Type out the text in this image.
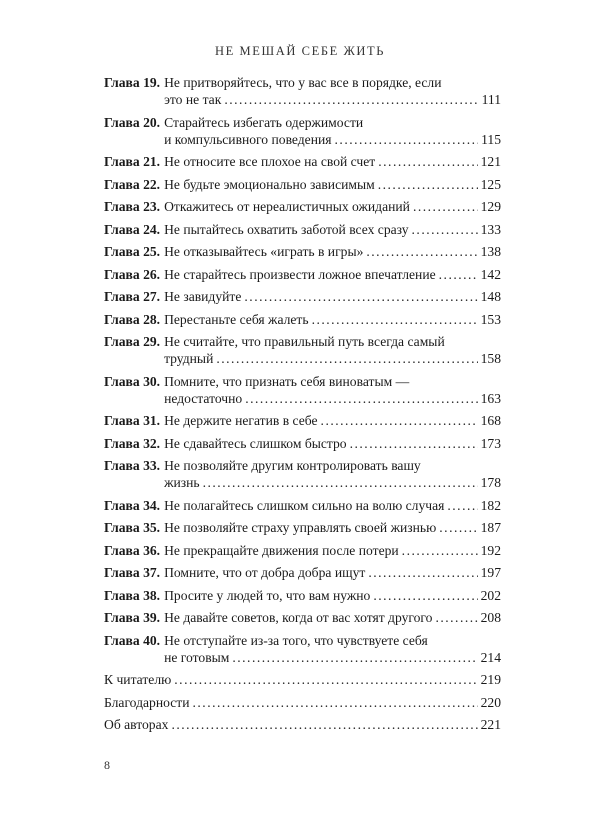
НЕ МЕШАЙ СЕБЕ ЖИТЬ
Глава 19. Не притворяйтесь, что у вас все в порядке, если
это не так .....	111
Глава 20. Старайтесь избегать одержимости
и компульсивного поведения .....	115
Глава 21. Не относите все плохое на свой счет .....	121
Глава 22. Не будьте эмоционально зависимым .....	125
Глава 23. Откажитесь от нереалистичных ожиданий .....	129
Глава 24. Не пытайтесь охватить заботой всех сразу .....	133
Глава 25. Не отказывайтесь «играть в игры» .....	138
Глава 26. Не старайтесь произвести ложное впечатление .....	142
Глава 27. Не завидуйте .....	148
Глава 28. Перестаньте себя жалеть .....	153
Глава 29. Не считайте, что правильный путь всегда самый
трудный .....	158
Глава 30. Помните, что признать себя виноватым —
недостаточно .....	163
Глава 31. Не держите негатив в себе .....	168
Глава 32. Не сдавайтесь слишком быстро .....	173
Глава 33. Не позволяйте другим контролировать вашу
жизнь .....	178
Глава 34. Не полагайтесь слишком сильно на волю случая .....	182
Глава 35. Не позволяйте страху управлять своей жизнью .....	187
Глава 36. Не прекращайте движения после потери .....	192
Глава 37. Помните, что от добра добра ищут .....	197
Глава 38. Просите у людей то, что вам нужно .....	202
Глава 39. Не давайте советов, когда от вас хотят другого .....	208
Глава 40. Не отступайте из-за того, что чувствуете себя
не готовым .....	214
К читателю .....	219
Благодарности .....	220
Об авторах .....	221
8
